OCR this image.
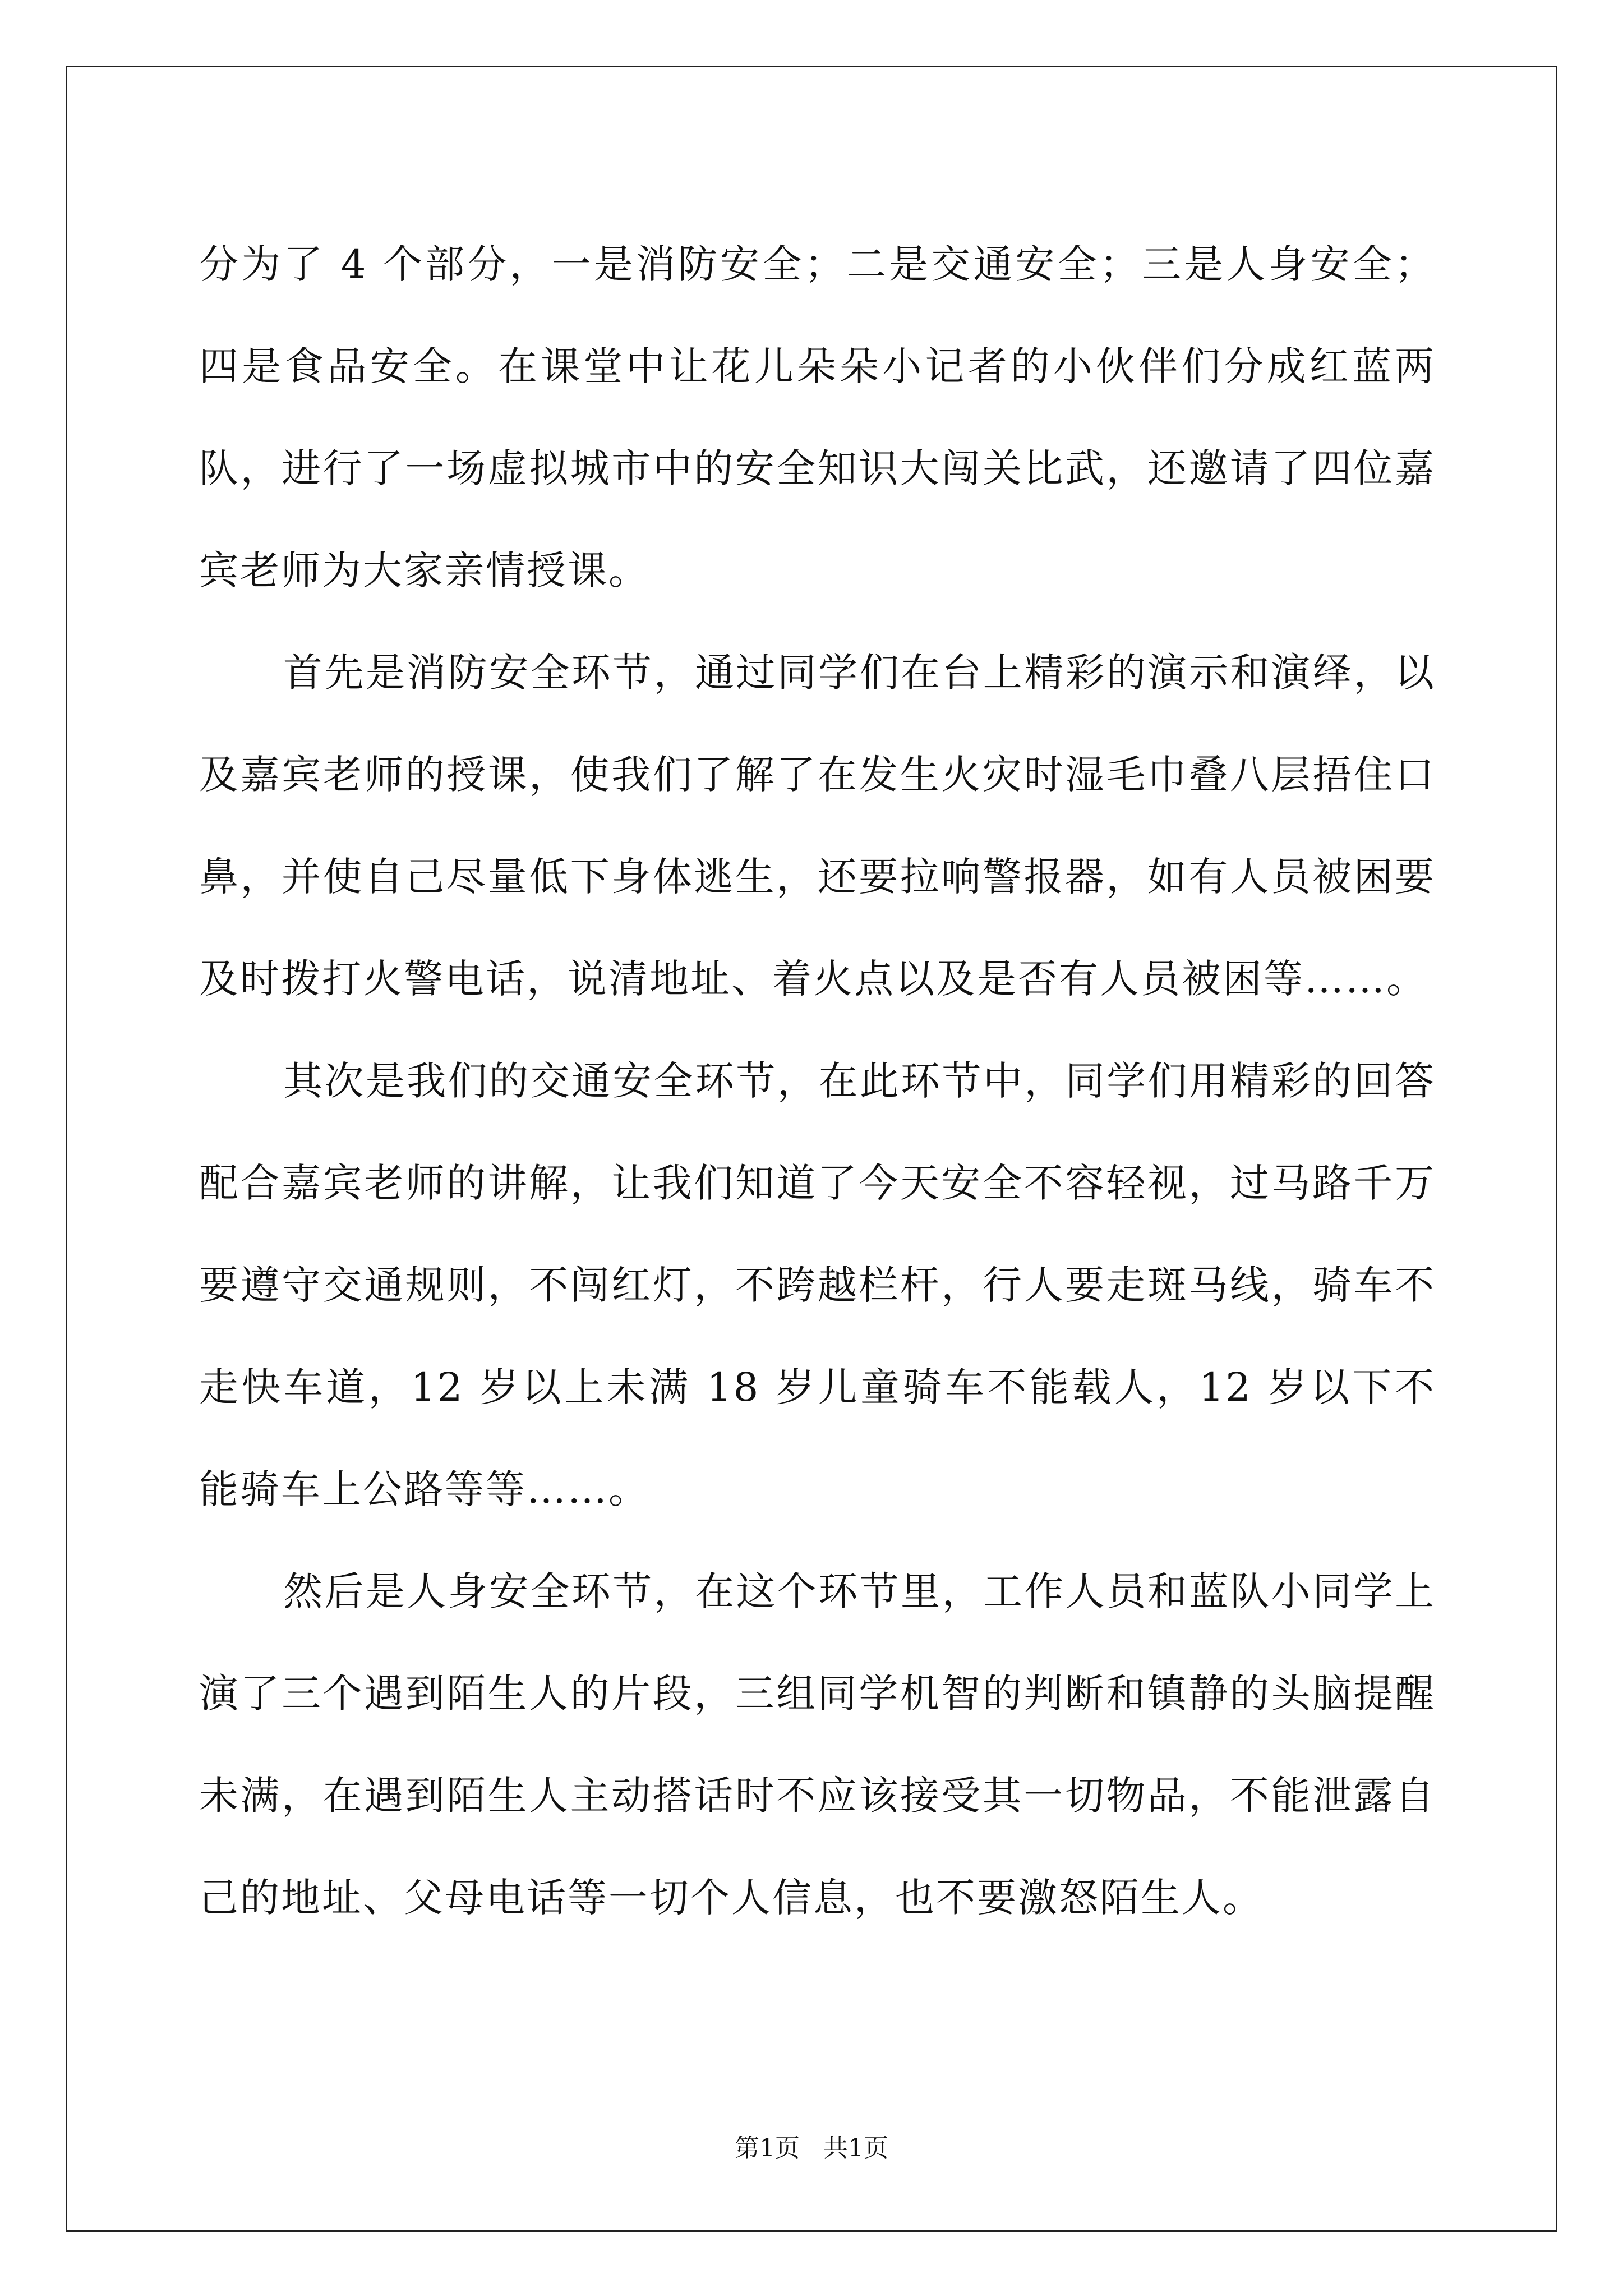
分为了 4 个部分，一是消防安全；二是交通安全；三是人身安全；四是食品安全。在课堂中让花儿朵朵小记者的小伙伴们分成红蓝两队，进行了一场虚拟城市中的安全知识大闯关比武，还邀请了四位嘉宾老师为大家亲情授课。

首先是消防安全环节，通过同学们在台上精彩的演示和演绎，以及嘉宾老师的授课，使我们了解了在发生火灾时湿毛巾叠八层捂住口鼻，并使自己尽量低下身体逃生，还要拉响警报器，如有人员被困要及时拨打火警电话，说清地址、着火点以及是否有人员被困等……。

其次是我们的交通安全环节，在此环节中，同学们用精彩的回答配合嘉宾老师的讲解，让我们知道了今天安全不容轻视，过马路千万要遵守交通规则，不闯红灯，不跨越栏杆，行人要走斑马线，骑车不走快车道，12 岁以上未满 18 岁儿童骑车不能载人，12 岁以下不能骑车上公路等等……。

然后是人身安全环节，在这个环节里，工作人员和蓝队小同学上演了三个遇到陌生人的片段，三组同学机智的判断和镇静的头脑提醒未满，在遇到陌生人主动搭话时不应该接受其一切物品，不能泄露自己的地址、父母电话等一切个人信息，也不要激怒陌生人。

第1页   共1页
